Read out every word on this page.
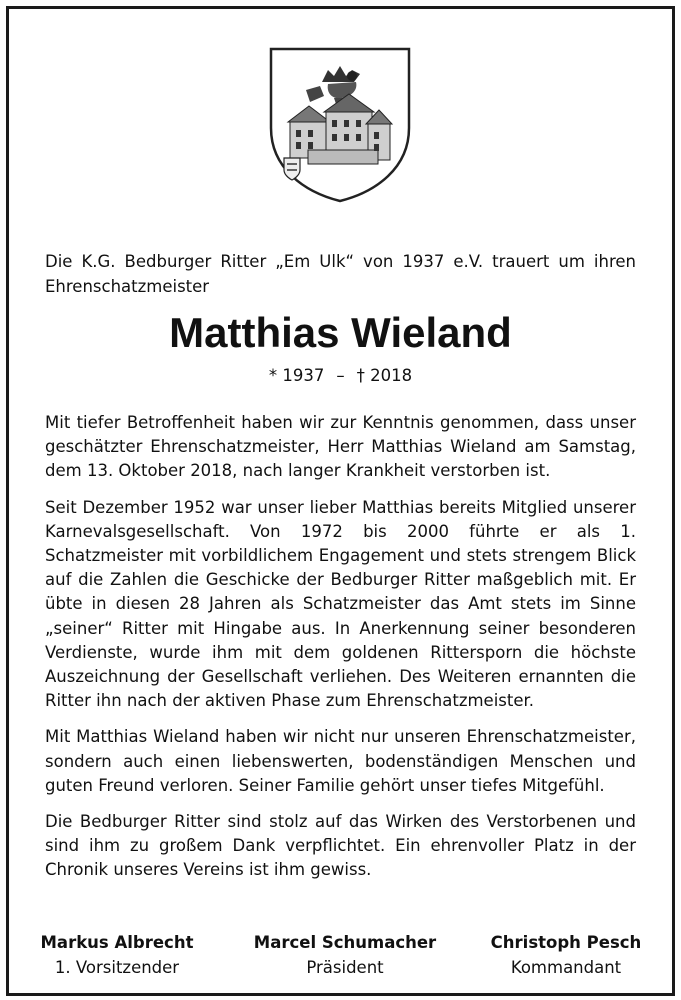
Die K.G. Bedburger Ritter „Em Ulk“ von 1937 e.V. trauert um ihren Ehrenschatzmeister
Matthias Wieland
* 1937 – † 2018

Mit tiefer Betroffenheit haben wir zur Kenntnis genommen, dass unser geschätzter Ehrenschatzmeister, Herr Matthias Wieland am Samstag, dem 13. Oktober 2018, nach langer Krankheit verstorben ist.

Seit Dezember 1952 war unser lieber Matthias bereits Mitglied unserer Karnevalsgesellschaft. Von 1972 bis 2000 führte er als 1. Schatzmeister mit vorbildlichem Engagement und stets strengem Blick auf die Zahlen die Geschicke der Bedburger Ritter maßgeblich mit. Er übte in diesen 28 Jahren als Schatzmeister das Amt stets im Sinne „seiner“ Ritter mit Hingabe aus. In Anerkennung seiner besonderen Verdienste, wurde ihm mit dem goldenen Rittersporn die höchste Auszeichnung der Gesellschaft verliehen. Des Weiteren ernannten die Ritter ihn nach der aktiven Phase zum Ehrenschatzmeister.

Mit Matthias Wieland haben wir nicht nur unseren Ehrenschatzmeister, sondern auch einen liebenswerten, bodenständigen Menschen und guten Freund verloren. Seiner Familie gehört unser tiefes Mitgefühl.

Die Bedburger Ritter sind stolz auf das Wirken des Verstorbenen und sind ihm zu großem Dank verpflichtet. Ein ehrenvoller Platz in der Chronik unseres Vereins ist ihm gewiss.

Markus Albrecht
1. Vorsitzender
Marcel Schumacher
Präsident
Christoph Pesch
Kommandant
